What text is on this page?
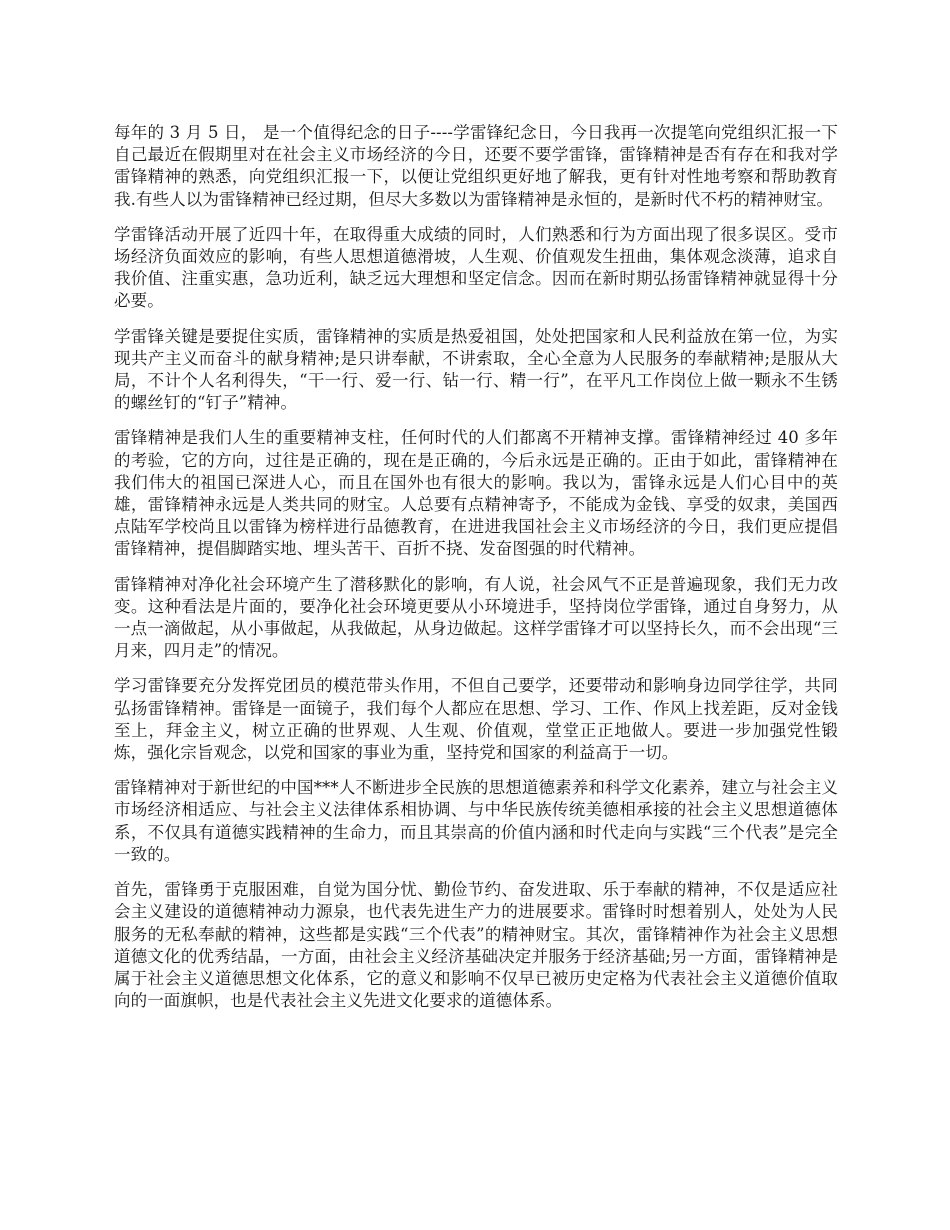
每年的 3 月 5 日， 是一个值得纪念的日子----学雷锋纪念日，今日我再一次提笔向党组织汇报一下自己最近在假期里对在社会主义市场经济的今日，还要不要学雷锋，雷锋精神是否有存在和我对学雷锋精神的熟悉，向党组织汇报一下，以便让党组织更好地了解我，更有针对性地考察和帮助教育我.有些人以为雷锋精神已经过期，但尽大多数以为雷锋精神是永恒的，是新时代不朽的精神财宝。

学雷锋活动开展了近四十年，在取得重大成绩的同时，人们熟悉和行为方面出现了很多误区。受市场经济负面效应的影响，有些人思想道德滑坡，人生观、价值观发生扭曲，集体观念淡薄，追求自我价值、注重实惠，急功近利，缺乏远大理想和坚定信念。因而在新时期弘扬雷锋精神就显得十分必要。

学雷锋关键是要捉住实质，雷锋精神的实质是热爱祖国，处处把国家和人民利益放在第一位，为实现共产主义而奋斗的献身精神;是只讲奉献，不讲索取，全心全意为人民服务的奉献精神;是服从大局，不计个人名利得失，“干一行、爱一行、钻一行、精一行”，在平凡工作岗位上做一颗永不生锈的螺丝钉的“钉子”精神。

雷锋精神是我们人生的重要精神支柱，任何时代的人们都离不开精神支撑。雷锋精神经过 40 多年的考验，它的方向，过往是正确的，现在是正确的，今后永远是正确的。正由于如此，雷锋精神在我们伟大的祖国已深进人心，而且在国外也有很大的影响。我以为，雷锋永远是人们心目中的英雄，雷锋精神永远是人类共同的财宝。人总要有点精神寄予，不能成为金钱、享受的奴隶，美国西点陆军学校尚且以雷锋为榜样进行品德教育，在进进我国社会主义市场经济的今日，我们更应提倡雷锋精神，提倡脚踏实地、埋头苦干、百折不挠、发奋图强的时代精神。

雷锋精神对净化社会环境产生了潜移默化的影响，有人说，社会风气不正是普遍现象，我们无力改变。这种看法是片面的，要净化社会环境更要从小环境进手，坚持岗位学雷锋，通过自身努力，从一点一滴做起，从小事做起，从我做起，从身边做起。这样学雷锋才可以坚持长久，而不会出现“三月来，四月走”的情况。

学习雷锋要充分发挥党团员的模范带头作用，不但自己要学，还要带动和影响身边同学往学，共同弘扬雷锋精神。雷锋是一面镜子，我们每个人都应在思想、学习、工作、作风上找差距，反对金钱至上，拜金主义，树立正确的世界观、人生观、价值观，堂堂正正地做人。要进一步加强党性锻炼，强化宗旨观念，以党和国家的事业为重，坚持党和国家的利益高于一切。

雷锋精神对于新世纪的中国***人不断进步全民族的思想道德素养和科学文化素养，建立与社会主义市场经济相适应、与社会主义法律体系相协调、与中华民族传统美德相承接的社会主义思想道德体系，不仅具有道德实践精神的生命力，而且其崇高的价值内涵和时代走向与实践“三个代表”是完全一致的。

首先，雷锋勇于克服困难，自觉为国分忧、勤俭节约、奋发进取、乐于奉献的精神，不仅是适应社会主义建设的道德精神动力源泉，也代表先进生产力的进展要求。雷锋时时想着别人，处处为人民服务的无私奉献的精神，这些都是实践“三个代表”的精神财宝。其次，雷锋精神作为社会主义思想道德文化的优秀结晶，一方面，由社会主义经济基础决定并服务于经济基础;另一方面，雷锋精神是属于社会主义道德思想文化体系，它的意义和影响不仅早已被历史定格为代表社会主义道德价值取向的一面旗帜，也是代表社会主义先进文化要求的道德体系。
